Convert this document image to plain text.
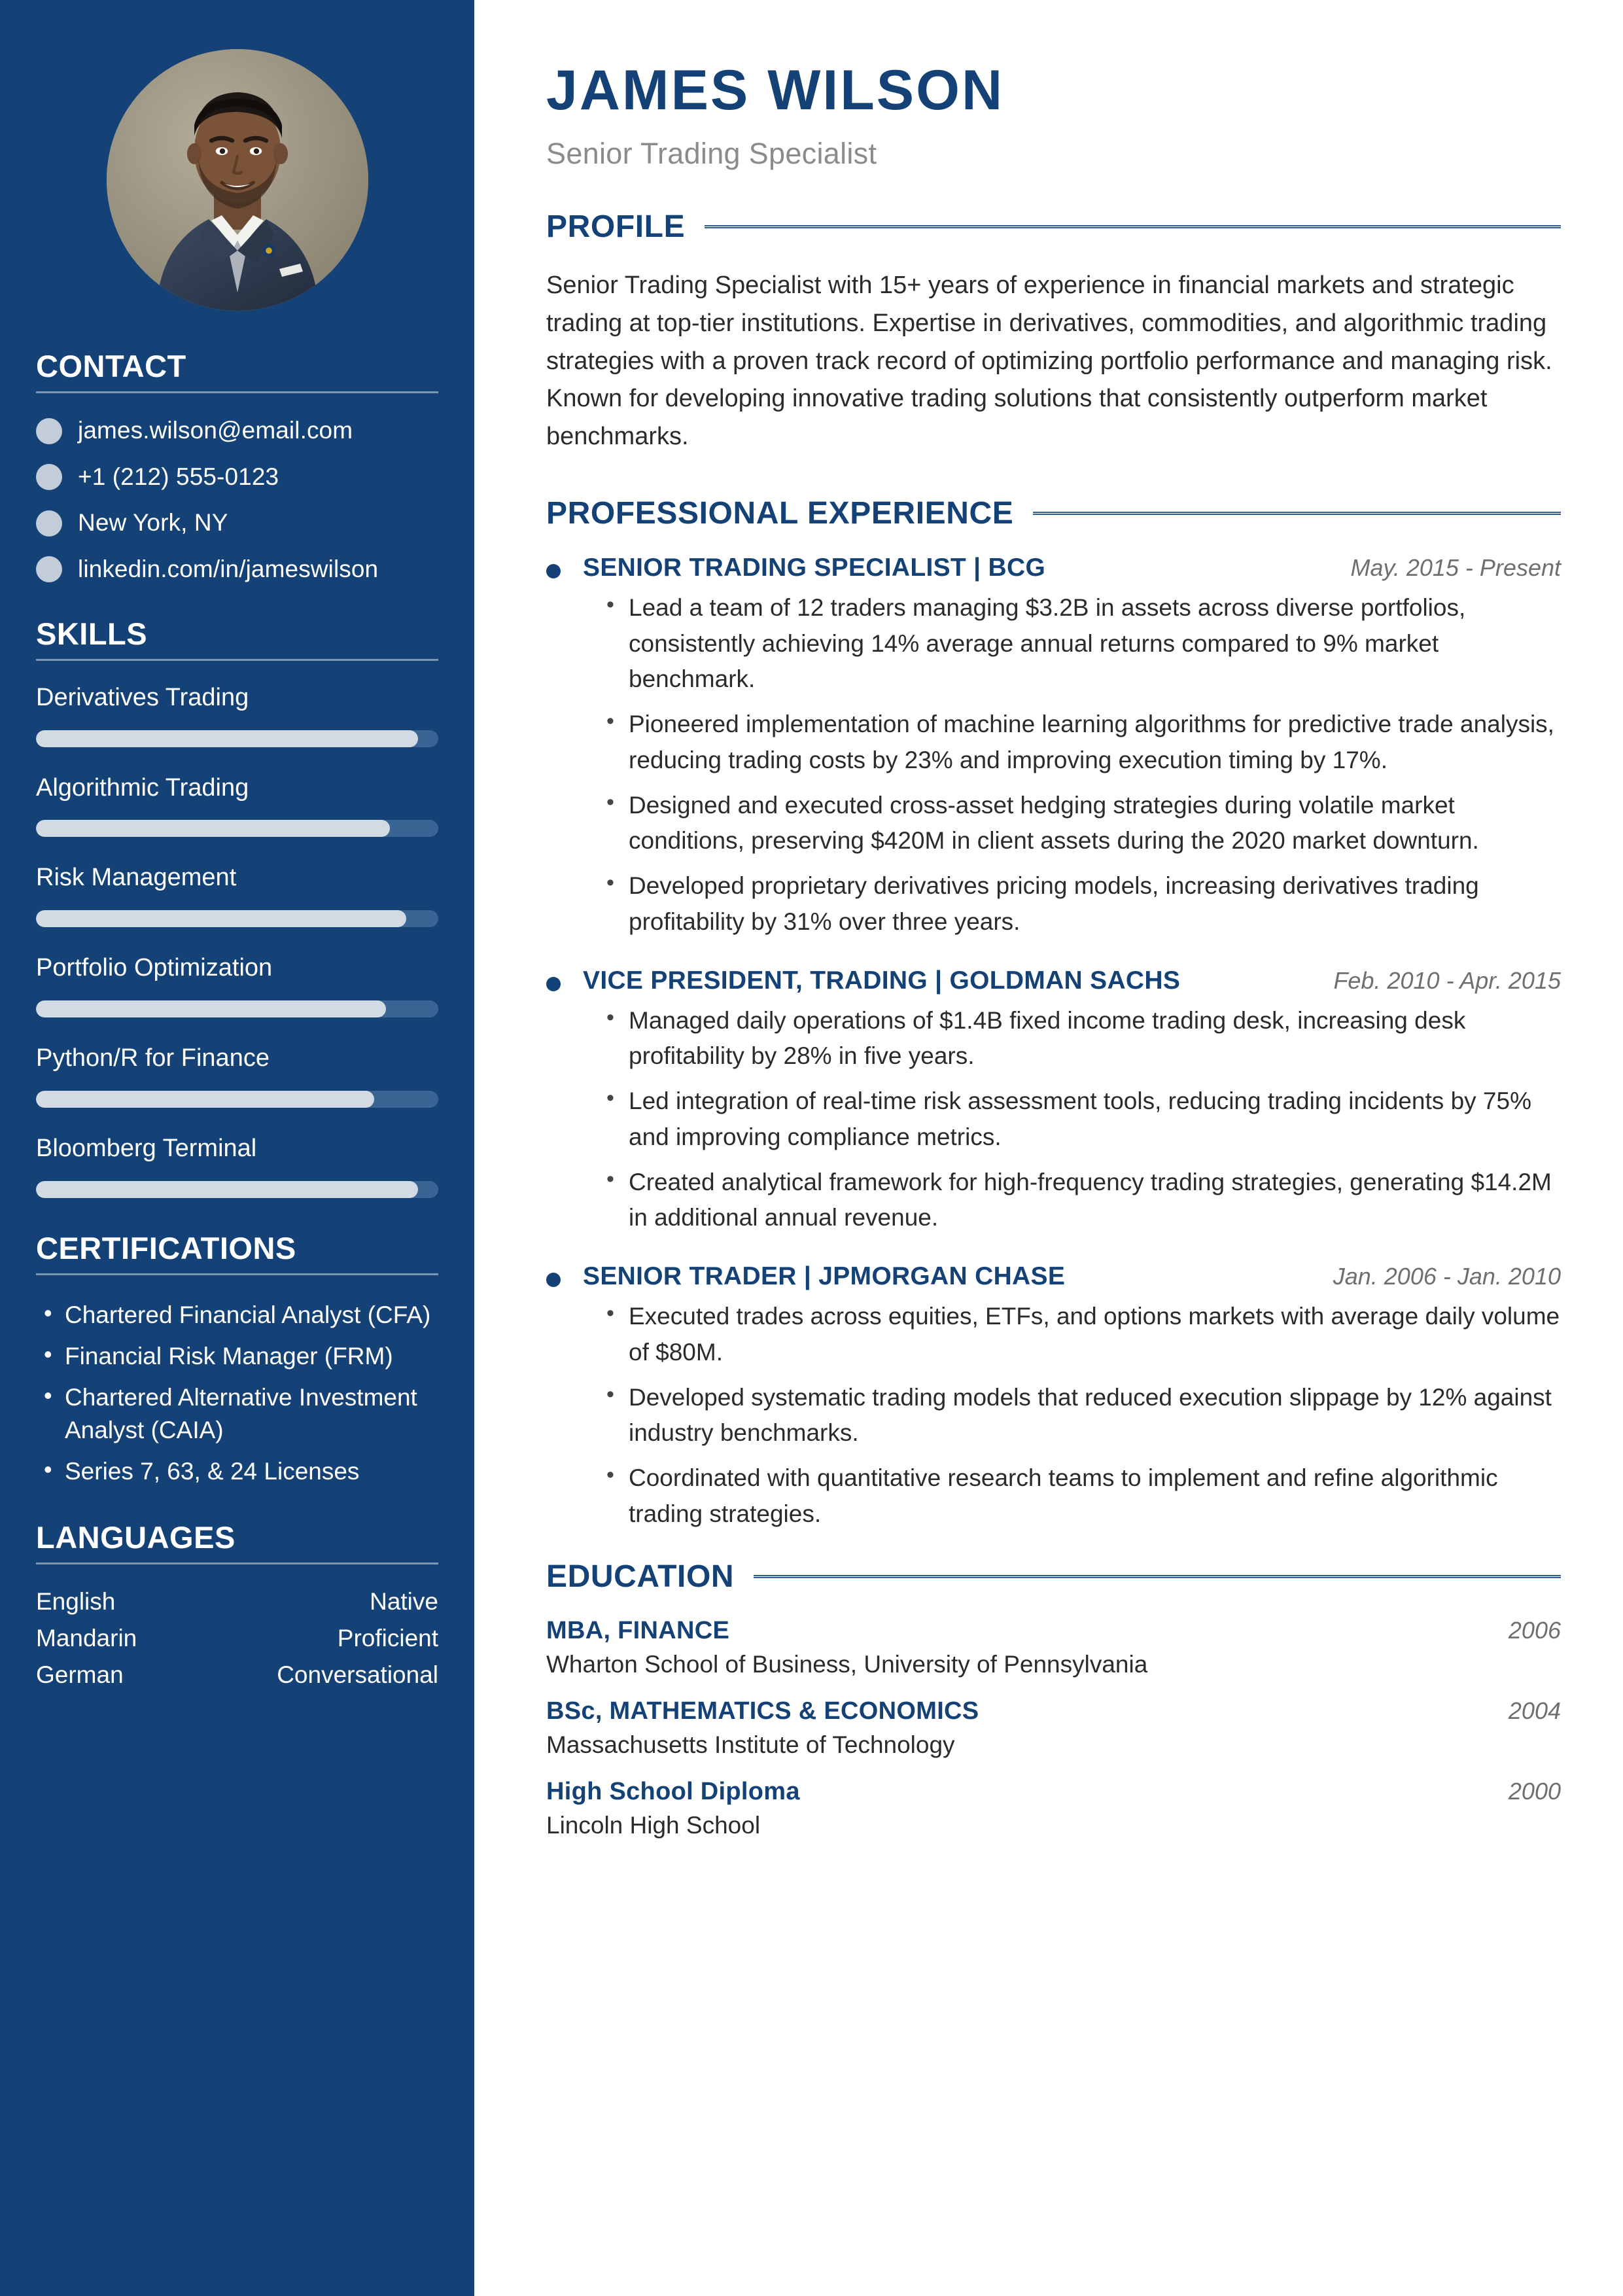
CONTACT
james.wilson@email.com
+1 (212) 555-0123
New York, NY
linkedin.com/in/jameswilson
SKILLS
Derivatives Trading
Algorithmic Trading
Risk Management
Portfolio Optimization
Python/R for Finance
Bloomberg Terminal
CERTIFICATIONS
• Chartered Financial Analyst (CFA)
• Financial Risk Manager (FRM)
• Chartered Alternative Investment Analyst (CAIA)
• Series 7, 63, & 24 Licenses
LANGUAGES
English	Native
Mandarin	Proficient
German	Conversational
JAMES WILSON
Senior Trading Specialist
PROFILE

Senior Trading Specialist with 15+ years of experience in financial markets and strategic trading at top-tier institutions. Expertise in derivatives, commodities, and algorithmic trading strategies with a proven track record of optimizing portfolio performance and managing risk. Known for developing innovative trading solutions that consistently outperform market benchmarks.

PROFESSIONAL EXPERIENCE
SENIOR TRADING SPECIALIST | BCG	May. 2015 - Present
• Lead a team of 12 traders managing $3.2B in assets across diverse portfolios, consistently achieving 14% average annual returns compared to 9% market benchmark.
• Pioneered implementation of machine learning algorithms for predictive trade analysis, reducing trading costs by 23% and improving execution timing by 17%.
• Designed and executed cross-asset hedging strategies during volatile market conditions, preserving $420M in client assets during the 2020 market downturn.
• Developed proprietary derivatives pricing models, increasing derivatives trading profitability by 31% over three years.
VICE PRESIDENT, TRADING | GOLDMAN SACHS	Feb. 2010 - Apr. 2015
• Managed daily operations of $1.4B fixed income trading desk, increasing desk profitability by 28% in five years.
• Led integration of real-time risk assessment tools, reducing trading incidents by 75% and improving compliance metrics.
• Created analytical framework for high-frequency trading strategies, generating $14.2M in additional annual revenue.
SENIOR TRADER | JPMORGAN CHASE	Jan. 2006 - Jan. 2010
• Executed trades across equities, ETFs, and options markets with average daily volume of $80M.
• Developed systematic trading models that reduced execution slippage by 12% against industry benchmarks.
• Coordinated with quantitative research teams to implement and refine algorithmic trading strategies.
EDUCATION
MBA, FINANCE	2006
Wharton School of Business, University of Pennsylvania
BSc, MATHEMATICS & ECONOMICS	2004
Massachusetts Institute of Technology
High School Diploma	2000
Lincoln High School
